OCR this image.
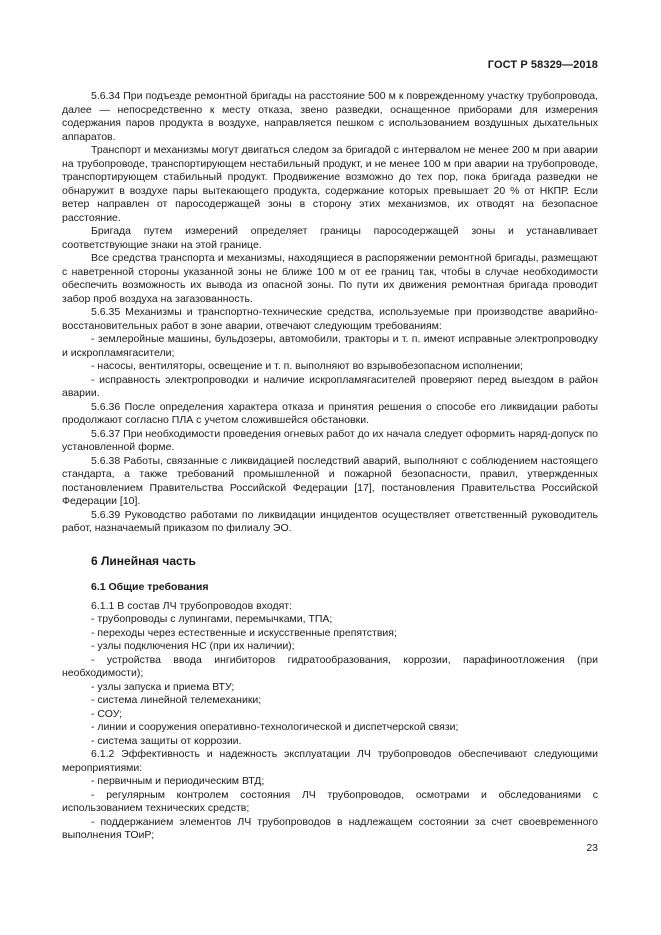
ГОСТ Р 58329—2018

5.6.34 При подъезде ремонтной бригады на расстояние 500 м к поврежденному участку трубопровода, далее — непосредственно к месту отказа, звено разведки, оснащенное приборами для измерения содержания паров продукта в воздухе, направляется пешком с использованием воздушных дыхательных аппаратов.

Транспорт и механизмы могут двигаться следом за бригадой с интервалом не менее 200 м при аварии на трубопроводе, транспортирующем нестабильный продукт, и не менее 100 м при аварии на трубопроводе, транспортирующем стабильный продукт. Продвижение возможно до тех пор, пока бригада разведки не обнаружит в воздухе пары вытекающего продукта, содержание которых превышает 20 % от НКПР. Если ветер направлен от паросодержащей зоны в сторону этих механизмов, их отводят на безопасное расстояние.

Бригада путем измерений определяет границы паросодержащей зоны и устанавливает соответствующие знаки на этой границе.

Все средства транспорта и механизмы, находящиеся в распоряжении ремонтной бригады, размещают с наветренной стороны указанной зоны не ближе 100 м от ее границ так, чтобы в случае необходимости обеспечить возможность их вывода из опасной зоны. По пути их движения ремонтная бригада проводит забор проб воздуха на загазованность.

5.6.35 Механизмы и транспортно-технические средства, используемые при производстве аварийно-восстановительных работ в зоне аварии, отвечают следующим требованиям:

- землеройные машины, бульдозеры, автомобили, тракторы и т. п. имеют исправные электропроводку и искропламягасители;

- насосы, вентиляторы, освещение и т. п. выполняют во взрывобезопасном исполнении;

- исправность электропроводки и наличие искропламягасителей проверяют перед выездом в район аварии.

5.6.36 После определения характера отказа и принятия решения о способе его ликвидации работы продолжают согласно ПЛА с учетом сложившейся обстановки.

5.6.37 При необходимости проведения огневых работ до их начала следует оформить наряд-допуск по установленной форме.

5.6.38 Работы, связанные с ликвидацией последствий аварий, выполняют с соблюдением настоящего стандарта, а также требований промышленной и пожарной безопасности, правил, утвержденных постановлением Правительства Российской Федерации [17], постановления Правительства Российской Федерации [10].

5.6.39 Руководство работами по ликвидации инцидентов осуществляет ответственный руководитель работ, назначаемый приказом по филиалу ЭО.

6 Линейная часть
6.1 Общие требования

6.1.1 В состав ЛЧ трубопроводов входят:

- трубопроводы с лупингами, перемычками, ТПА;

- переходы через естественные и искусственные препятствия;

- узлы подключения НС (при их наличии);

- устройства ввода ингибиторов гидратообразования, коррозии, парафиноотложения (при необходимости);

- узлы запуска и приема ВТУ;

- система линейной телемеханики;

- СОУ;

- линии и сооружения оперативно-технологической и диспетчерской связи;

- система защиты от коррозии.

6.1.2 Эффективность и надежность эксплуатации ЛЧ трубопроводов обеспечивают следующими мероприятиями:

- первичным и периодическим ВТД;

- регулярным контролем состояния ЛЧ трубопроводов, осмотрами и обследованиями с использованием технических средств;

- поддержанием элементов ЛЧ трубопроводов в надлежащем состоянии за счет своевременного выполнения ТОиР;

23
